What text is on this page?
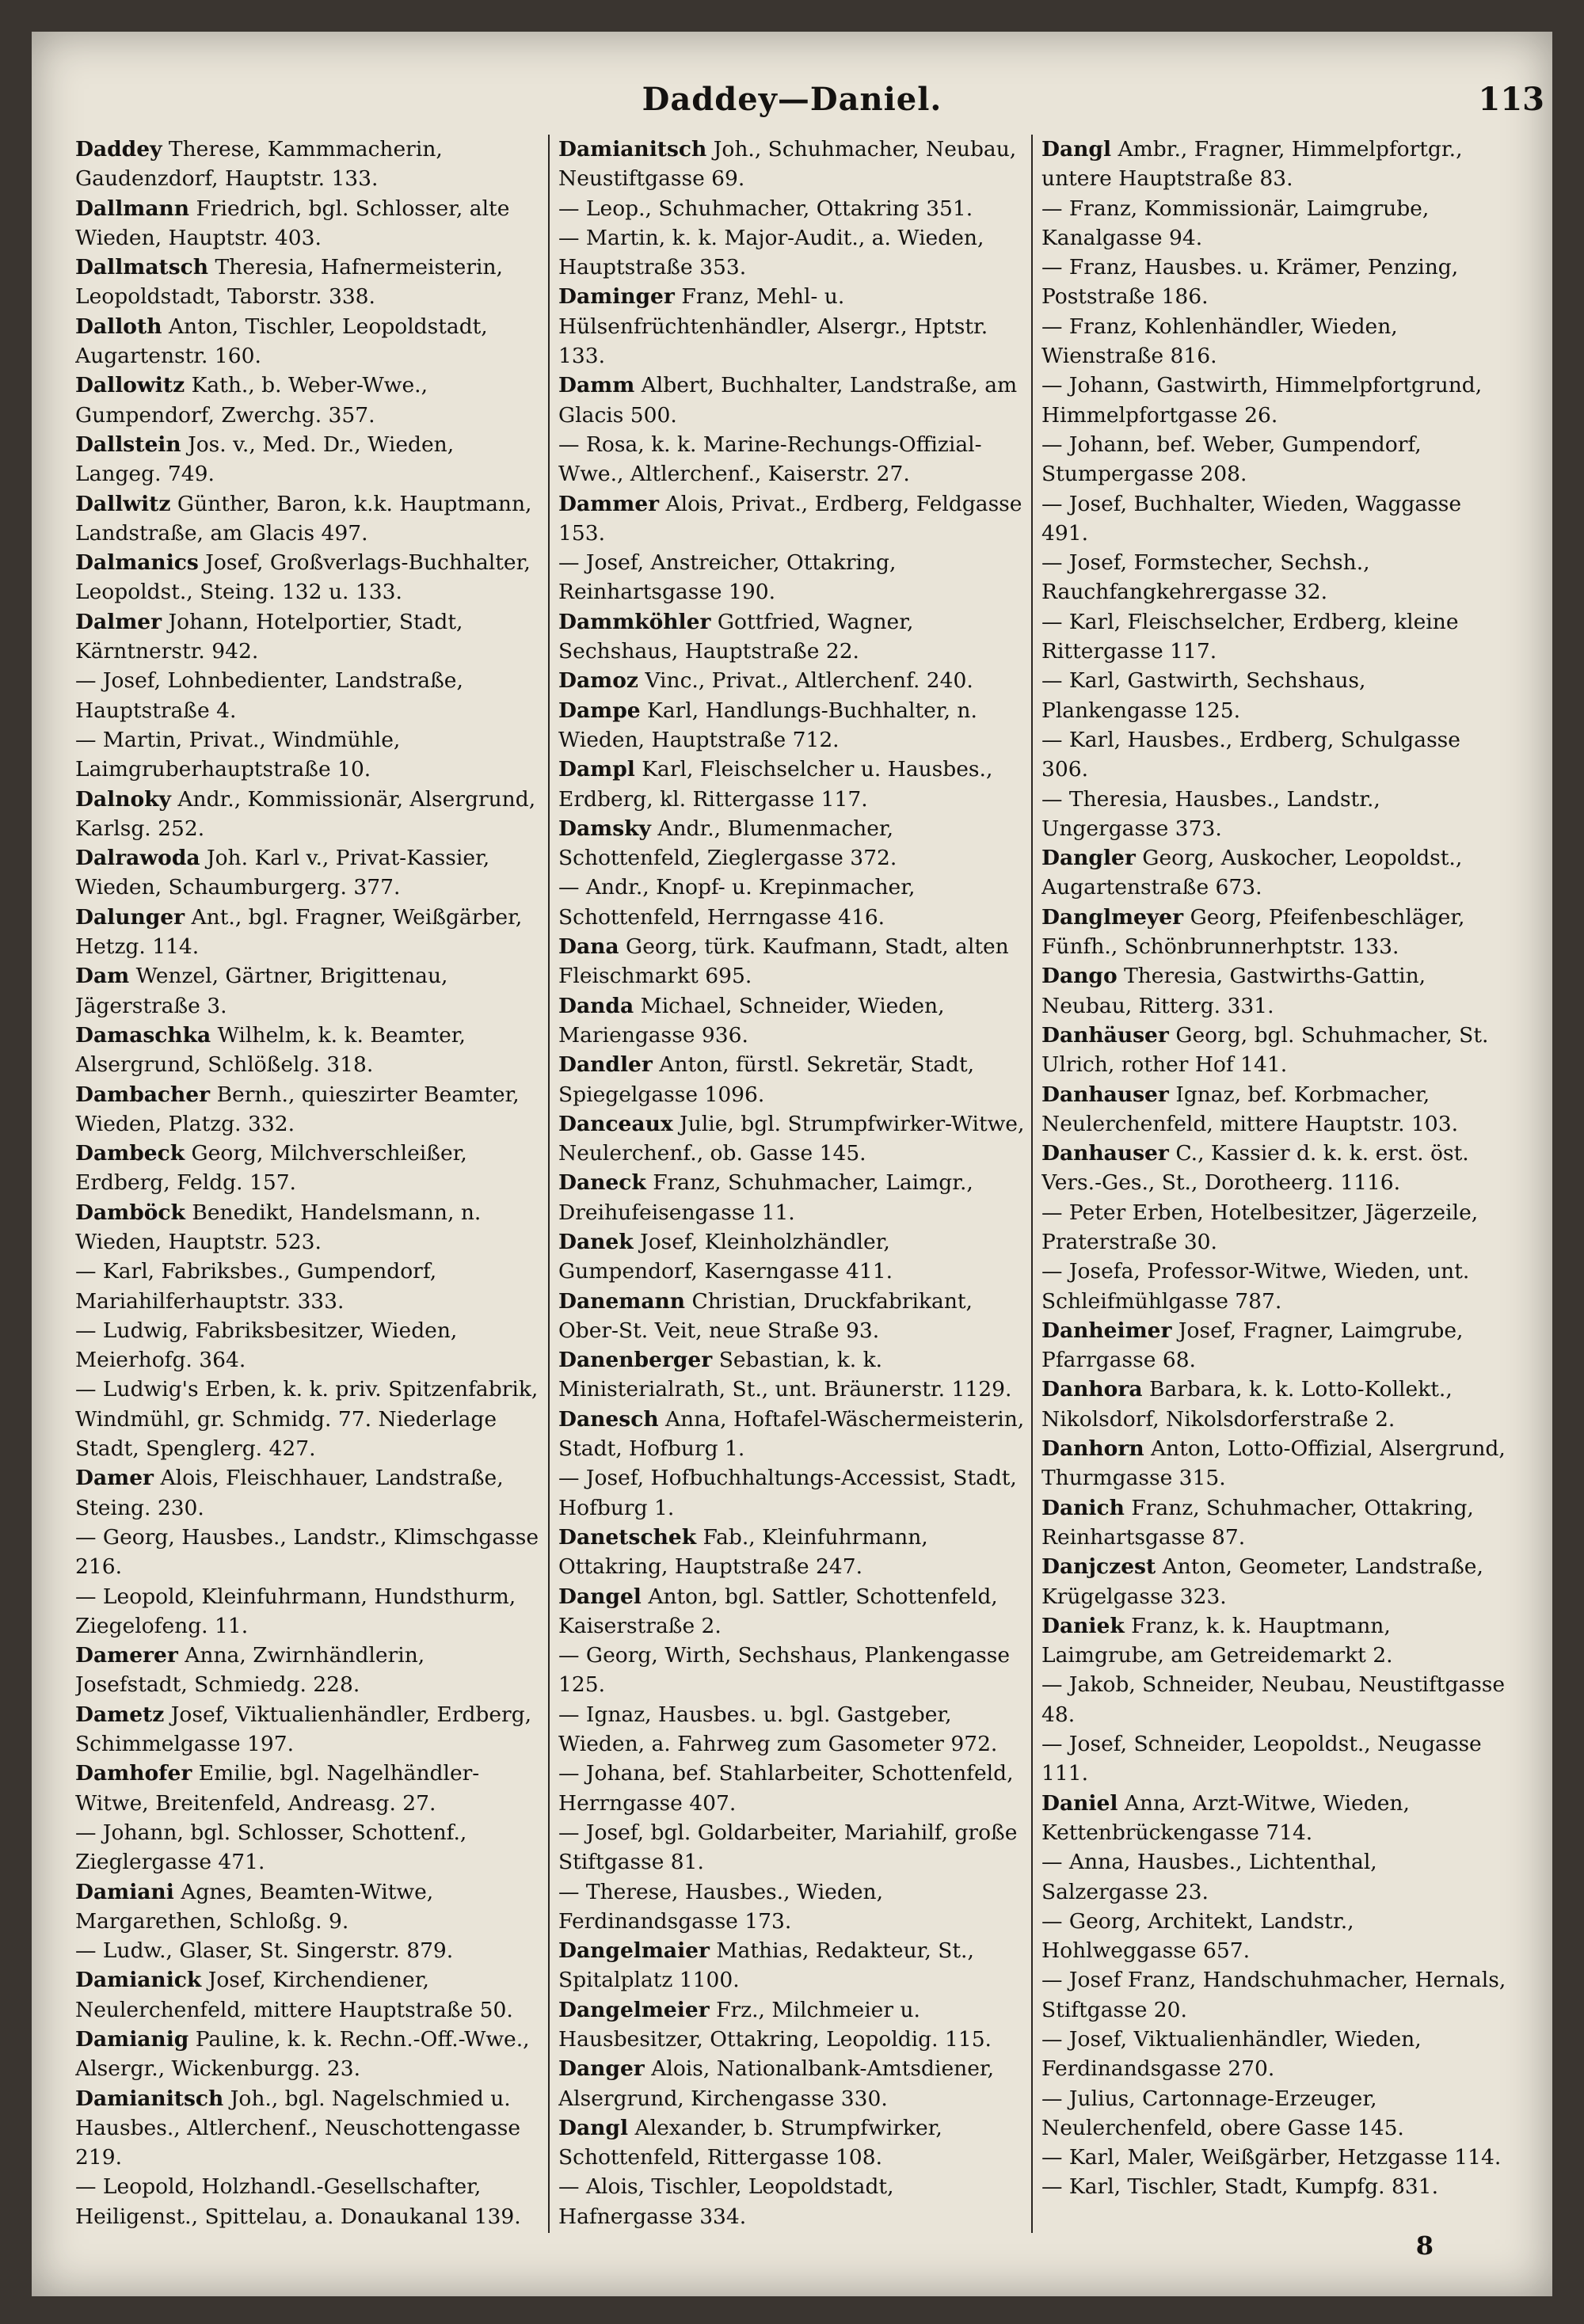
Daddey—Daniel.	113

Daddey Therese, Kammmacherin, Gaudenzdorf, Hauptstr. 133.

Dallmann Friedrich, bgl. Schlosser, alte Wieden, Hauptstr. 403.

Dallmatsch Theresia, Hafnermeisterin, Leopoldstadt, Taborstr. 338.

Dalloth Anton, Tischler, Leopoldstadt, Augartenstr. 160.

Dallowitz Kath., b. Weber-Wwe., Gumpendorf, Zwerchg. 357.

Dallstein Jos. v., Med. Dr., Wieden, Langeg. 749.

Dallwitz Günther, Baron, k.k. Hauptmann, Landstraße, am Glacis 497.

Dalmanics Josef, Großverlags-Buchhalter, Leopoldst., Steing. 132 u. 133.

Dalmer Johann, Hotelportier, Stadt, Kärntnerstr. 942.

— Josef, Lohnbedienter, Landstraße, Hauptstraße 4.

— Martin, Privat., Windmühle, Laimgruberhauptstraße 10.

Dalnoky Andr., Kommissionär, Alsergrund, Karlsg. 252.

Dalrawoda Joh. Karl v., Privat-Kassier, Wieden, Schaumburgerg. 377.

Dalunger Ant., bgl. Fragner, Weißgärber, Hetzg. 114.

Dam Wenzel, Gärtner, Brigittenau, Jägerstraße 3.

Damaschka Wilhelm, k. k. Beamter, Alsergrund, Schlößelg. 318.

Dambacher Bernh., quieszirter Beamter, Wieden, Platzg. 332.

Dambeck Georg, Milchverschleißer, Erdberg, Feldg. 157.

Damböck Benedikt, Handelsmann, n. Wieden, Hauptstr. 523.

— Karl, Fabriksbes., Gumpendorf, Mariahilferhauptstr. 333.

— Ludwig, Fabriksbesitzer, Wieden, Meierhofg. 364.

— Ludwig's Erben, k. k. priv. Spitzenfabrik, Windmühl, gr. Schmidg. 77. Niederlage Stadt, Spenglerg. 427.

Damer Alois, Fleischhauer, Landstraße, Steing. 230.

— Georg, Hausbes., Landstr., Klimschgasse 216.

— Leopold, Kleinfuhrmann, Hundsthurm, Ziegelofeng. 11.

Damerer Anna, Zwirnhändlerin, Josefstadt, Schmiedg. 228.

Dametz Josef, Viktualienhändler, Erdberg, Schimmelgasse 197.

Damhofer Emilie, bgl. Nagelhändler-Witwe, Breitenfeld, Andreasg. 27.

— Johann, bgl. Schlosser, Schottenf., Zieglergasse 471.

Damiani Agnes, Beamten-Witwe, Margarethen, Schloßg. 9.

— Ludw., Glaser, St. Singerstr. 879.

Damianick Josef, Kirchendiener, Neulerchenfeld, mittere Hauptstraße 50.

Damianig Pauline, k. k. Rechn.-Off.-Wwe., Alsergr., Wickenburgg. 23.

Damianitsch Joh., bgl. Nagelschmied u. Hausbes., Altlerchenf., Neuschottengasse 219.

— Leopold, Holzhandl.-Gesellschafter, Heiligenst., Spittelau, a. Donaukanal 139.

Damianitsch Joh., Schuhmacher, Neubau, Neustiftgasse 69.

— Leop., Schuhmacher, Ottakring 351.

— Martin, k. k. Major-Audit., a. Wieden, Hauptstraße 353.

Daminger Franz, Mehl- u. Hülsenfrüchtenhändler, Alsergr., Hptstr. 133.

Damm Albert, Buchhalter, Landstraße, am Glacis 500.

— Rosa, k. k. Marine-Rechungs-Offizial-Wwe., Altlerchenf., Kaiserstr. 27.

Dammer Alois, Privat., Erdberg, Feldgasse 153.

— Josef, Anstreicher, Ottakring, Reinhartsgasse 190.

Dammköhler Gottfried, Wagner, Sechshaus, Hauptstraße 22.

Damoz Vinc., Privat., Altlerchenf. 240.

Dampe Karl, Handlungs-Buchhalter, n. Wieden, Hauptstraße 712.

Dampl Karl, Fleischselcher u. Hausbes., Erdberg, kl. Rittergasse 117.

Damsky Andr., Blumenmacher, Schottenfeld, Zieglergasse 372.

— Andr., Knopf- u. Krepinmacher, Schottenfeld, Herrngasse 416.

Dana Georg, türk. Kaufmann, Stadt, alten Fleischmarkt 695.

Danda Michael, Schneider, Wieden, Mariengasse 936.

Dandler Anton, fürstl. Sekretär, Stadt, Spiegelgasse 1096.

Danceaux Julie, bgl. Strumpfwirker-Witwe, Neulerchenf., ob. Gasse 145.

Daneck Franz, Schuhmacher, Laimgr., Dreihufeisengasse 11.

Danek Josef, Kleinholzhändler, Gumpendorf, Kaserngasse 411.

Danemann Christian, Druckfabrikant, Ober-St. Veit, neue Straße 93.

Danenberger Sebastian, k. k. Ministerialrath, St., unt. Bräunerstr. 1129.

Danesch Anna, Hoftafel-Wäschermeisterin, Stadt, Hofburg 1.

— Josef, Hofbuchhaltungs-Accessist, Stadt, Hofburg 1.

Danetschek Fab., Kleinfuhrmann, Ottakring, Hauptstraße 247.

Dangel Anton, bgl. Sattler, Schottenfeld, Kaiserstraße 2.

— Georg, Wirth, Sechshaus, Plankengasse 125.

— Ignaz, Hausbes. u. bgl. Gastgeber, Wieden, a. Fahrweg zum Gasometer 972.

— Johana, bef. Stahlarbeiter, Schottenfeld, Herrngasse 407.

— Josef, bgl. Goldarbeiter, Mariahilf, große Stiftgasse 81.

— Therese, Hausbes., Wieden, Ferdinandsgasse 173.

Dangelmaier Mathias, Redakteur, St., Spitalplatz 1100.

Dangelmeier Frz., Milchmeier u. Hausbesitzer, Ottakring, Leopoldig. 115.

Danger Alois, Nationalbank-Amtsdiener, Alsergrund, Kirchengasse 330.

Dangl Alexander, b. Strumpfwirker, Schottenfeld, Rittergasse 108.

— Alois, Tischler, Leopoldstadt, Hafnergasse 334.

Dangl Ambr., Fragner, Himmelpfortgr., untere Hauptstraße 83.

— Franz, Kommissionär, Laimgrube, Kanalgasse 94.

— Franz, Hausbes. u. Krämer, Penzing, Poststraße 186.

— Franz, Kohlenhändler, Wieden, Wienstraße 816.

— Johann, Gastwirth, Himmelpfortgrund, Himmelpfortgasse 26.

— Johann, bef. Weber, Gumpendorf, Stumpergasse 208.

— Josef, Buchhalter, Wieden, Waggasse 491.

— Josef, Formstecher, Sechsh., Rauchfangkehrergasse 32.

— Karl, Fleischselcher, Erdberg, kleine Rittergasse 117.

— Karl, Gastwirth, Sechshaus, Plankengasse 125.

— Karl, Hausbes., Erdberg, Schulgasse 306.

— Theresia, Hausbes., Landstr., Ungergasse 373.

Dangler Georg, Auskocher, Leopoldst., Augartenstraße 673.

Danglmeyer Georg, Pfeifenbeschläger, Fünfh., Schönbrunnerhptstr. 133.

Dango Theresia, Gastwirths-Gattin, Neubau, Ritterg. 331.

Danhäuser Georg, bgl. Schuhmacher, St. Ulrich, rother Hof 141.

Danhauser Ignaz, bef. Korbmacher, Neulerchenfeld, mittere Hauptstr. 103.

Danhauser C., Kassier d. k. k. erst. öst. Vers.-Ges., St., Dorotheerg. 1116.

— Peter Erben, Hotelbesitzer, Jägerzeile, Praterstraße 30.

— Josefa, Professor-Witwe, Wieden, unt. Schleifmühlgasse 787.

Danheimer Josef, Fragner, Laimgrube, Pfarrgasse 68.

Danhora Barbara, k. k. Lotto-Kollekt., Nikolsdorf, Nikolsdorferstraße 2.

Danhorn Anton, Lotto-Offizial, Alsergrund, Thurmgasse 315.

Danich Franz, Schuhmacher, Ottakring, Reinhartsgasse 87.

Danjczest Anton, Geometer, Landstraße, Krügelgasse 323.

Daniek Franz, k. k. Hauptmann, Laimgrube, am Getreidemarkt 2.

— Jakob, Schneider, Neubau, Neustiftgasse 48.

— Josef, Schneider, Leopoldst., Neugasse 111.

Daniel Anna, Arzt-Witwe, Wieden, Kettenbrückengasse 714.

— Anna, Hausbes., Lichtenthal, Salzergasse 23.

— Georg, Architekt, Landstr., Hohlweggasse 657.

— Josef Franz, Handschuhmacher, Hernals, Stiftgasse 20.

— Josef, Viktualienhändler, Wieden, Ferdinandsgasse 270.

— Julius, Cartonnage-Erzeuger, Neulerchenfeld, obere Gasse 145.

— Karl, Maler, Weißgärber, Hetzgasse 114.

— Karl, Tischler, Stadt, Kumpfg. 831.

8
